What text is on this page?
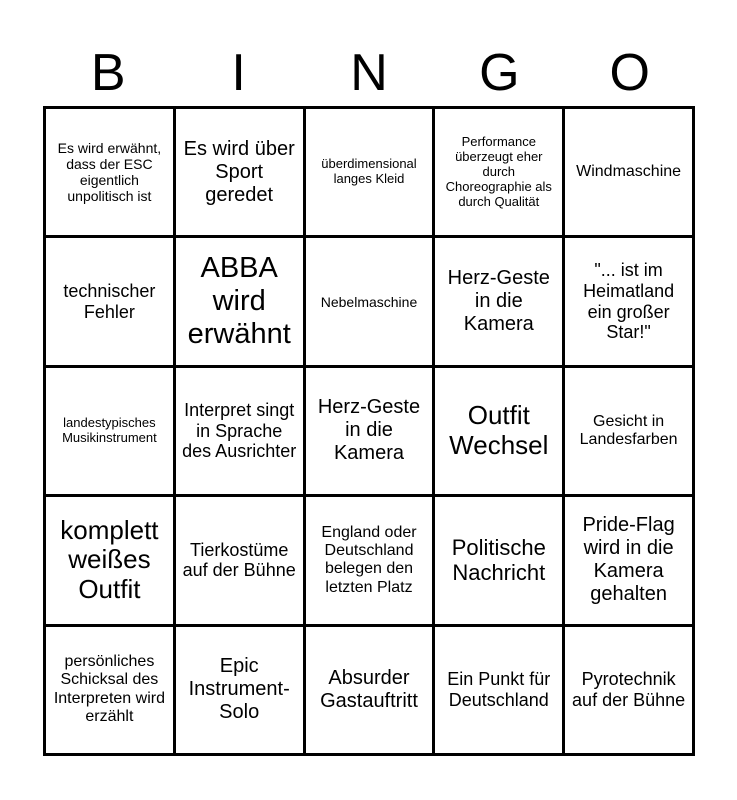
B	I	N	G	O
Es wird erwähnt, dass der ESC eigentlich unpolitisch ist
Es wird über Sport geredet
überdimensional langes Kleid
Performance überzeugt eher durch Choreographie als durch Qualität
Windmaschine
technischer Fehler
ABBA wird erwähnt
Nebelmaschine
Herz-Geste in die Kamera
"... ist im Heimatland ein großer Star!"
landestypisches Musikinstrument
Interpret singt in Sprache des Ausrichter
Herz-Geste in die Kamera
Outfit Wechsel
Gesicht in Landesfarben
komplett weißes Outfit
Tierkostüme auf der Bühne
England oder Deutschland belegen den letzten Platz
Politische Nachricht
Pride-Flag wird in die Kamera gehalten
persönliches Schicksal des Interpreten wird erzählt
Epic Instrument-Solo
Absurder Gastauftritt
Ein Punkt für Deutschland
Pyrotechnik auf der Bühne
